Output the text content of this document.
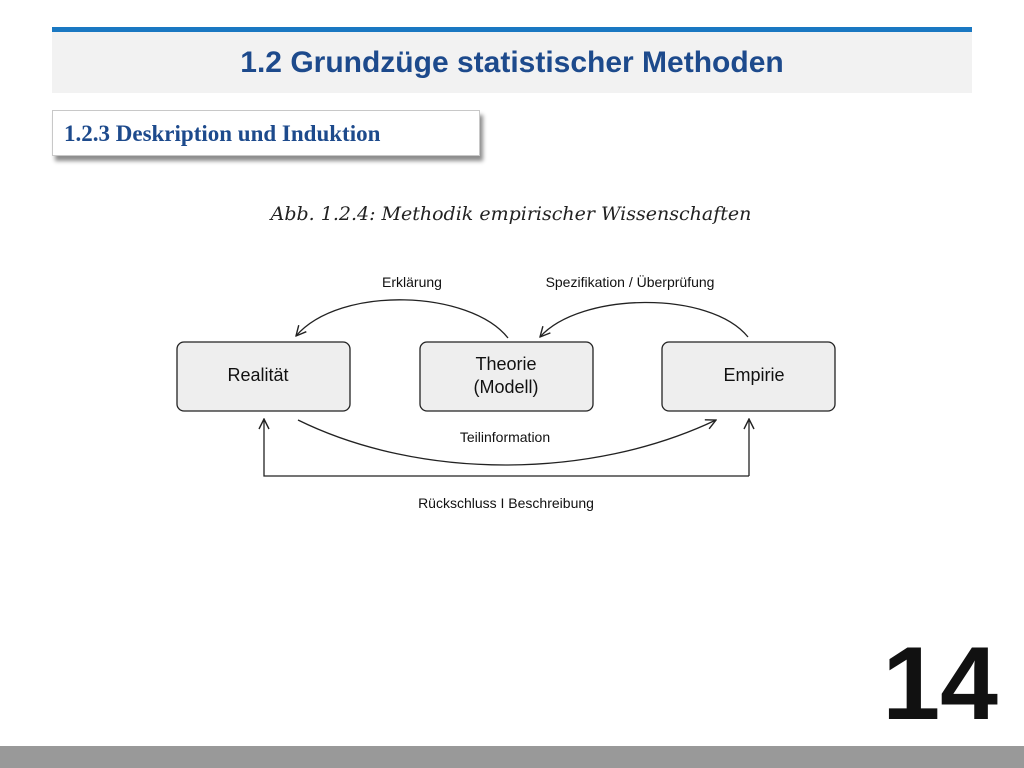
1.2 Grundzüge statistischer Methoden
1.2.3 Deskription und Induktion
Abb. 1.2.4: Methodik empirischer Wissenschaften
Realität
Theorie
(Modell)
Empirie
Erklärung	Spezifikation / Überprüfung
Teilinformation
Rückschluss I Beschreibung
14
